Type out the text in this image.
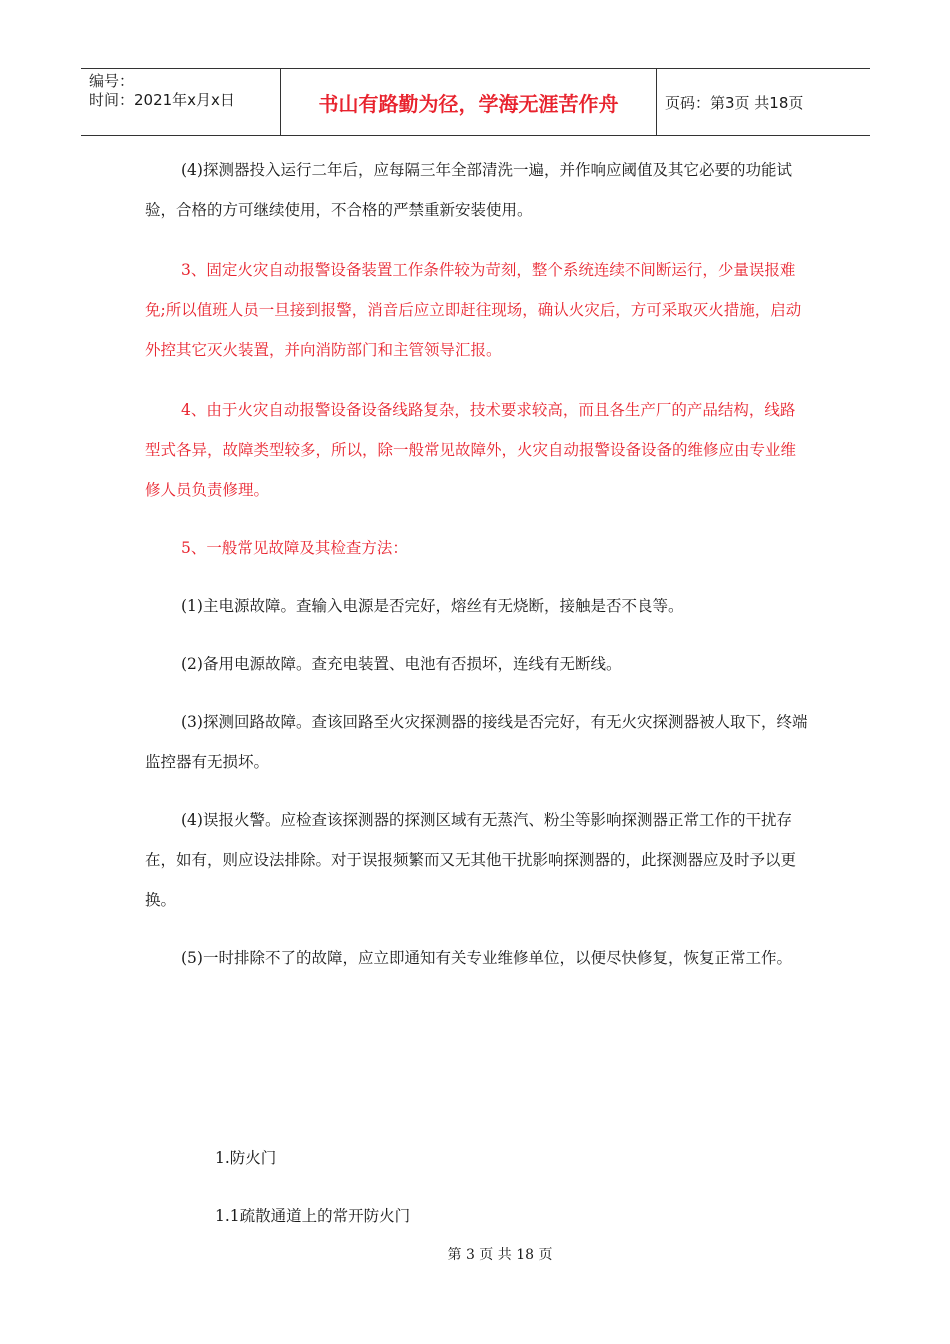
编号：
时间：2021年x月x日	书山有路勤为径，学海无涯苦作舟	页码：第3页 共18页

(4)探测器投入运行二年后，应每隔三年全部清洗一遍，并作响应阈值及其它必要的功能试验，合格的方可继续使用，不合格的严禁重新安装使用。

3、固定火灾自动报警设备装置工作条件较为苛刻，整个系统连续不间断运行，少量误报难免;所以值班人员一旦接到报警，消音后应立即赶往现场，确认火灾后，方可采取灭火措施，启动外控其它灭火装置，并向消防部门和主管领导汇报。

4、由于火灾自动报警设备设备线路复杂，技术要求较高，而且各生产厂的产品结构，线路型式各异，故障类型较多，所以，除一般常见故障外，火灾自动报警设备设备的维修应由专业维修人员负责修理。

5、一般常见故障及其检查方法：

(1)主电源故障。查输入电源是否完好，熔丝有无烧断，接触是否不良等。

(2)备用电源故障。查充电装置、电池有否损坏，连线有无断线。

(3)探测回路故障。查该回路至火灾探测器的接线是否完好，有无火灾探测器被人取下，终端监控器有无损坏。

(4)误报火警。应检查该探测器的探测区域有无蒸汽、粉尘等影响探测器正常工作的干扰存在，如有，则应设法排除。对于误报频繁而又无其他干扰影响探测器的，此探测器应及时予以更换。

(5)一时排除不了的故障，应立即通知有关专业维修单位，以便尽快修复，恢复正常工作。

1.防火门

1.1疏散通道上的常开防火门

第 3 页 共 18 页
